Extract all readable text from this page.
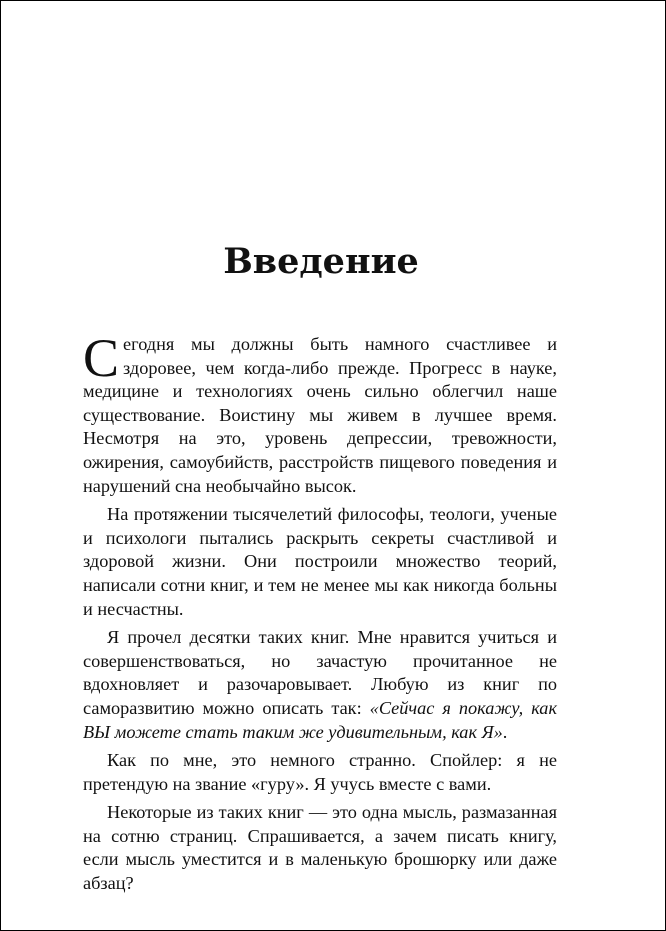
Введение

Сегодня мы должны быть намного счастливее и здоровее, чем когда-либо прежде. Прогресс в науке, медицине и технологиях очень сильно облегчил наше существование. Воистину мы живем в лучшее время. Несмотря на это, уровень депрессии, тревожности, ожирения, самоубийств, расстройств пищевого поведения и нарушений сна необычайно высок.

На протяжении тысячелетий философы, теологи, ученые и психологи пытались раскрыть секреты счастливой и здоровой жизни. Они построили множество теорий, написали сотни книг, и тем не менее мы как никогда больны и несчастны.

Я прочел десятки таких книг. Мне нравится учиться и совершенствоваться, но зачастую прочитанное не вдохновляет и разочаровывает. Любую из книг по саморазвитию можно описать так: «Сейчас я покажу, как ВЫ можете стать таким же удивительным, как Я».

Как по мне, это немного странно. Спойлер: я не претендую на звание «гуру». Я учусь вместе с вами.

Некоторые из таких книг — это одна мысль, размазанная на сотню страниц. Спрашивается, а зачем писать книгу, если мысль уместится и в маленькую брошюрку или даже абзац?
